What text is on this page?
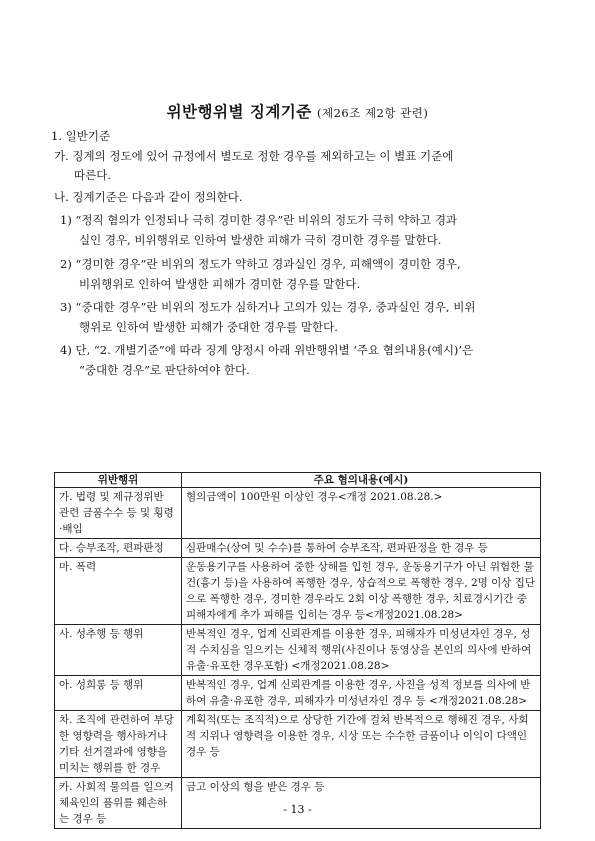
위반행위별 징계기준 (제26조 제2항 관련)
1. 일반기준
가. 징계의 정도에 있어 규정에서 별도로 정한 경우를 제외하고는 이 별표 기준에
따른다.
나. 징계기준은 다음과 같이 정의한다.
1) “정직 혐의가 인정되나 극히 경미한 경우”란 비위의 정도가 극히 약하고 경과
실인 경우, 비위행위로 인하여 발생한 피해가 극히 경미한 경우를 말한다.
2) “경미한 경우”란 비위의 정도가 약하고 경과실인 경우, 피해액이 경미한 경우,
비위행위로 인하여 발생한 피해가 경미한 경우를 말한다.
3) “중대한 경우”란 비위의 정도가 심하거나 고의가 있는 경우, 중과실인 경우, 비위
행위로 인하여 발생한 피해가 중대한 경우를 말한다.
4) 단, “2. 개별기준”에 따라 징계 양정시 아래 위반행위별 ‘주요 혐의내용(예시)’은
“중대한 경우”로 판단하여야 한다.
위반행위	주요 혐의내용(예시)
가. 법령 및 제규정위반 관련 금품수수 등 및 횡령·배임	혐의금액이 100만원 이상인 경우<개정 2021.08.28.>
다. 승부조작, 편파판정	심판매수(상여 및 수수)를 통하여 승부조작, 편파판정을 한 경우 등
마. 폭력	운동용기구를 사용하여 중한 상해를 입힌 경우, 운동용기구가 아닌 위험한 물건(흉기 등)을 사용하여 폭행한 경우, 상습적으로 폭행한 경우, 2명 이상 집단으로 폭행한 경우, 경미한 경우라도 2회 이상 폭행한 경우, 치료경시기간 중 피해자에게 추가 피해를 입히는 경우 등<개정2021.08.28>
사. 성추행 등 행위	반복적인 경우, 업계 신뢰관계를 이용한 경우, 피해자가 미성년자인 경우, 성적 수치심을 일으키는 신체적 행위(사진이나 동영상을 본인의 의사에 반하여 유출·유포한 경우포함) <개정2021.08.28>
아. 성희롱 등 행위	반복적인 경우, 업계 신뢰관계를 이용한 경우, 사진을 성적 정보를 의사에 반하여 유출·유포한 경우, 피해자가 미성년자인 경우 등 <개정2021.08.28>
차. 조직에 관련하여 부당한 영향력을 행사하거나 기타 선거결과에 영향을 미치는 행위를 한 경우	계획적(또는 조직적)으로 상당한 기간에 걸쳐 반복적으로 행해진 경우, 사회적 지위나 영향력을 이용한 경우, 시상 또는 수수한 금품이나 이익이 다액인 경우 등
카. 사회적 물의를 일으켜 체육인의 품위를 훼손하는 경우 등	금고 이상의 형을 받은 경우 등
- 13 -
